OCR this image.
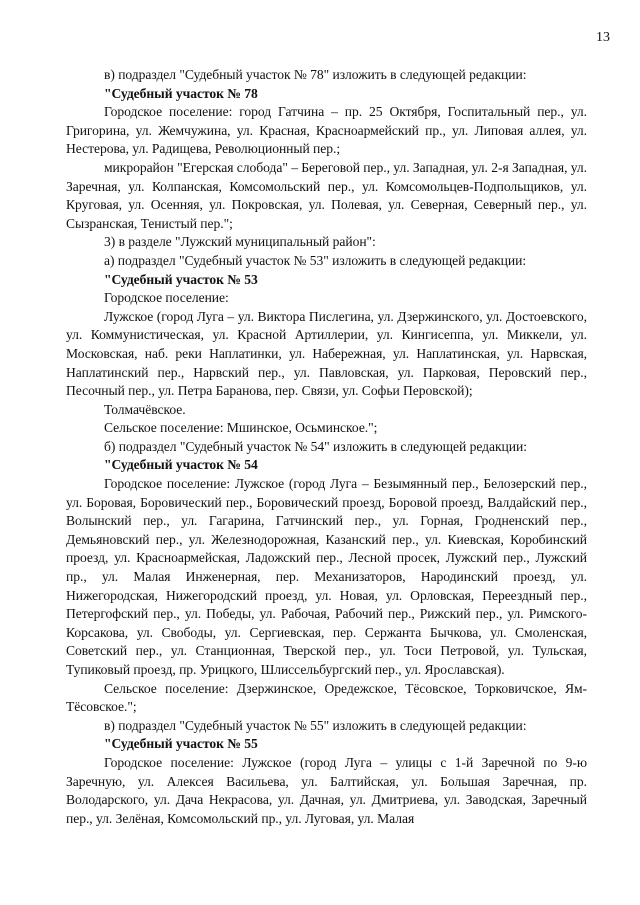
13

в) подраздел "Судебный участок № 78" изложить в следующей редакции:

"Судебный участок № 78

Городское поселение: город Гатчина – пр. 25 Октября, Госпитальный пер., ул. Григорина, ул. Жемчужина, ул. Красная, Красноармейский пр., ул. Липовая аллея, ул. Нестерова, ул. Радищева, Революционный пер.;

микрорайон "Егерская слобода" – Береговой пер., ул. Западная, ул. 2-я Западная, ул. Заречная, ул. Колпанская, Комсомольский пер., ул. Комсомольцев-Подпольщиков, ул. Круговая, ул. Осенняя, ул. Покровская, ул. Полевая, ул. Северная, Северный пер., ул. Сызранская, Тенистый пер.";

3) в разделе "Лужский муниципальный район":

а) подраздел "Судебный участок № 53" изложить в следующей редакции:

"Судебный участок № 53

Городское поселение:

Лужское (город Луга – ул. Виктора Пислегина, ул. Дзержинского, ул. Достоевского, ул. Коммунистическая, ул. Красной Артиллерии, ул. Кингисеппа, ул. Миккели, ул. Московская, наб. реки Наплатинки, ул. Набережная, ул. Наплатинская, ул. Нарвская, Наплатинский пер., Нарвский пер., ул. Павловская, ул. Парковая, Перовский пер., Песочный пер., ул. Петра Баранова, пер. Связи, ул. Софьи Перовской);

Толмачёвское.

Сельское поселение: Мшинское, Осьминское.";

б) подраздел "Судебный участок № 54" изложить в следующей редакции:

"Судебный участок № 54

Городское поселение: Лужское (город Луга – Безымянный пер., Белозерский пер., ул. Боровая, Боровический пер., Боровический проезд, Боровой проезд, Валдайский пер., Волынский пер., ул. Гагарина, Гатчинский пер., ул. Горная, Гродненский пер., Демьяновский пер., ул. Железнодорожная, Казанский пер., ул. Киевская, Коробинский проезд, ул. Красноармейская, Ладожский пер., Лесной просек, Лужский пер., Лужский пр., ул. Малая Инженерная, пер. Механизаторов, Народинский проезд, ул. Нижегородская, Нижегородский проезд, ул. Новая, ул. Орловская, Переездный пер., Петергофский пер., ул. Победы, ул. Рабочая, Рабочий пер., Рижский пер., ул. Римского-Корсакова, ул. Свободы, ул. Сергиевская, пер. Сержанта Бычкова, ул. Смоленская, Советский пер., ул. Станционная, Тверской пер., ул. Тоси Петровой, ул. Тульская, Тупиковый проезд, пр. Урицкого, Шлиссельбургский пер., ул. Ярославская).

Сельское поселение: Дзержинское, Оредежское, Тёсовское, Торковичское, Ям-Тёсовское.";

в) подраздел "Судебный участок № 55" изложить в следующей редакции:

"Судебный участок № 55

Городское поселение: Лужское (город Луга – улицы с 1-й Заречной по 9-ю Заречную, ул. Алексея Васильева, ул. Балтийская, ул. Большая Заречная, пр. Володарского, ул. Дача Некрасова, ул. Дачная, ул. Дмитриева, ул. Заводская, Заречный пер., ул. Зелёная, Комсомольский пр., ул. Луговая, ул. Малая
